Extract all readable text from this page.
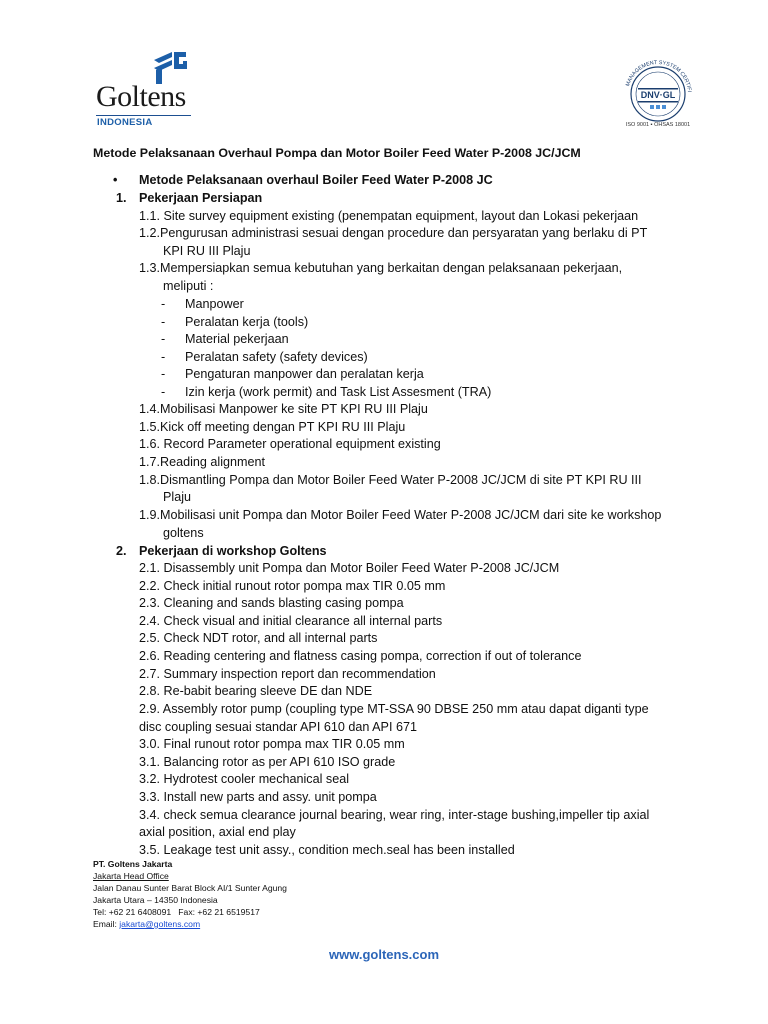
Goltens
INDONESIA
MANAGEMENT SYSTEM CERTIFI
DNV·GL
ISO 9001 ▪ OHSAS 18001
Metode Pelaksanaan Overhaul Pompa dan Motor Boiler Feed Water P-2008 JC/JCM
• Metode Pelaksanaan overhaul Boiler Feed Water P-2008 JC
1. Pekerjaan Persiapan
1.1. Site survey equipment existing (penempatan equipment, layout dan Lokasi pekerjaan
1.2.Pengurusan administrasi sesuai dengan procedure dan persyaratan yang berlaku di PT
KPI RU III Plaju
1.3.Mempersiapkan semua kebutuhan yang berkaitan dengan pelaksanaan pekerjaan,
meliputi :
- Manpower
- Peralatan kerja (tools)
- Material pekerjaan
- Peralatan safety (safety devices)
- Pengaturan manpower dan peralatan kerja
- Izin kerja (work permit) and Task List Assesment (TRA)
1.4.Mobilisasi Manpower ke site PT KPI RU III Plaju
1.5.Kick off meeting dengan PT KPI RU III Plaju
1.6. Record Parameter operational equipment existing
1.7.Reading alignment
1.8.Dismantling Pompa dan Motor Boiler Feed Water P-2008 JC/JCM di site PT KPI RU III
Plaju
1.9.Mobilisasi unit Pompa dan Motor Boiler Feed Water P-2008 JC/JCM dari site ke workshop
goltens
2. Pekerjaan di workshop Goltens
2.1. Disassembly unit Pompa dan Motor Boiler Feed Water P-2008 JC/JCM
2.2. Check initial runout rotor pompa max TIR 0.05 mm
2.3. Cleaning and sands blasting casing pompa
2.4. Check visual and initial clearance all internal parts
2.5. Check NDT rotor, and all internal parts
2.6. Reading centering and flatness casing pompa, correction if out of tolerance
2.7. Summary inspection report dan recommendation
2.8. Re-babit bearing sleeve DE dan NDE
2.9. Assembly rotor pump (coupling type MT-SSA 90 DBSE 250 mm atau dapat diganti type
disc coupling sesuai standar API 610 dan API 671
3.0. Final runout rotor pompa max TIR 0.05 mm
3.1. Balancing rotor as per API 610 ISO grade
3.2. Hydrotest cooler mechanical seal
3.3. Install new parts and assy. unit pompa
3.4. check semua clearance journal bearing, wear ring, inter-stage bushing,impeller tip axial
axial position, axial end play
3.5. Leakage test unit assy., condition mech.seal has been installed
PT. Goltens Jakarta
Jakarta Head Office
Jalan Danau Sunter Barat Block AI/1 Sunter Agung
Jakarta Utara – 14350 Indonesia
Tel: +62 21 6408091   Fax: +62 21 6519517
Email: jakarta@goltens.com
www.goltens.com
